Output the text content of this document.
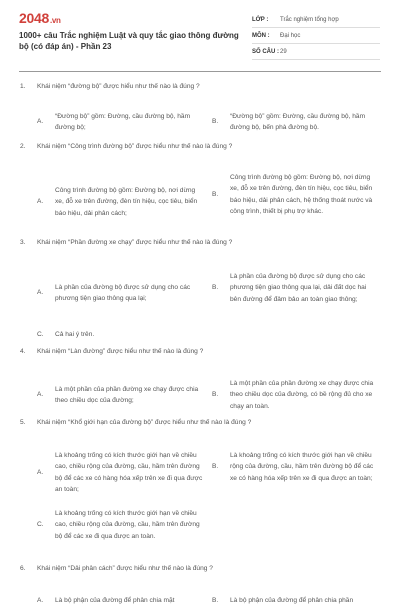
2048.vn
1000+ câu Trắc nghiệm Luật và quy tắc giao thông đường bộ (có đáp án) - Phần 23
LỚP :	Trắc nghiệm tổng hợp
MÔN :	Đại học
SỐ CÂU : 29
1.	Khái niệm “đường bộ” được hiểu như thế nào là đúng ?
A.
“Đường bộ” gồm: Đường, cầu đường bộ, hầm đường bộ;
B.
“Đường bộ” gồm: Đường, cầu đường bộ, hầm đường bộ, bến phà đường bộ.
2.	Khái niệm “Công trình đường bộ” được hiểu như thế nào là đúng ?
A.
Công trình đường bộ gồm: Đường bộ, nơi dừng xe, đỗ xe trên đường, đèn tín hiệu, cọc tiêu, biển báo hiệu, dải phân cách;
B.
Công trình đường bộ gồm: Đường bộ, nơi dừng xe, đỗ xe trên đường, đèn tín hiệu, cọc tiêu, biển báo hiệu, dải phân cách, hệ thống thoát nước và công trình, thiết bị phụ trợ khác.
3.	Khái niệm “Phần đường xe chạy” được hiểu như thế nào là đúng ?
A.
Là phần của đường bộ được sử dụng cho các phương tiện giao thông qua lại;
B.
Là phần của đường bộ được sử dụng cho các phương tiện giao thông qua lại, dải đất dọc hai bên đường để đảm bảo an toàn giao thông;
C.	Cả hai ý trên.
4.	Khái niệm “Làn đường” được hiểu như thế nào là đúng ?
A.
Là một phần của phần đường xe chạy được chia theo chiều dọc của đường;
B.
Là một phần của phần đường xe chạy được chia theo chiều dọc của đường, có bề rộng đủ cho xe chạy an toàn.
5.	Khái niệm “Khổ giới hạn của đường bộ” được hiểu như thế nào là đúng ?
A.
Là khoảng trống có kích thước giới hạn về chiều cao, chiều rộng của đường, cầu, hầm trên đường bộ để các xe có hàng hóa xếp trên xe đi qua được an toàn;
B.
Là khoảng trống có kích thước giới hạn về chiều rộng của đường, cầu, hầm trên đường bộ để các xe có hàng hóa xếp trên xe đi qua được an toàn;
C.
Là khoảng trống có kích thước giới hạn về chiều cao, chiều rộng của đường, cầu, hầm trên đường bộ để các xe đi qua được an toàn.
6.	Khái niệm “Dải phân cách” được hiểu như thế nào là đúng ?
A.	Là bộ phận của đường để phân chia mặt	B.	Là bộ phận của đường để phân chia phần
